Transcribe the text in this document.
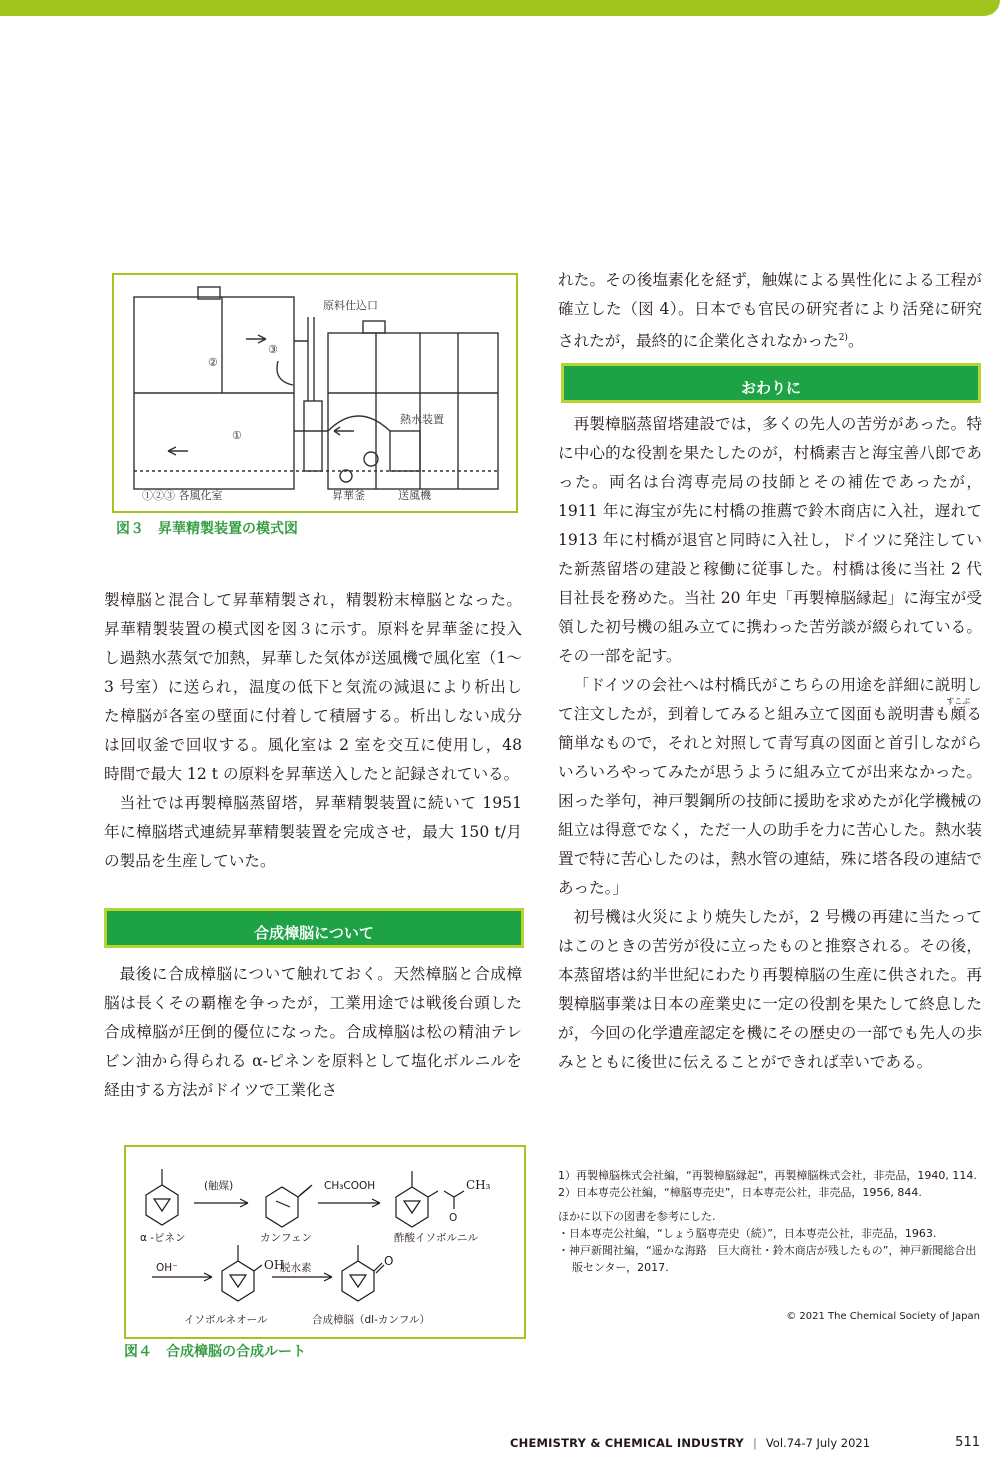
原料仕込口
②
③
①
①②③ 各風化室	昇華釜	送風機
熱水装置
図３　昇華精製装置の模式図

製樟脳と混合して昇華精製され，精製粉末樟脳となった。昇華精製装置の模式図を図３に示す。原料を昇華釜に投入し過熱水蒸気で加熱，昇華した気体が送風機で風化室（1〜3 号室）に送られ，温度の低下と気流の減退により析出した樟脳が各室の壁面に付着して積層する。析出しない成分は回収釜で回収する。風化室は 2 室を交互に使用し，48 時間で最大 12 t の原料を昇華送入したと記録されている。

当社では再製樟脳蒸留塔，昇華精製装置に続いて 1951 年に樟脳塔式連続昇華精製装置を完成させ，最大 150 t/月の製品を生産していた。

合成樟脳について

最後に合成樟脳について触れておく。天然樟脳と合成樟脳は長くその覇権を争ったが，工業用途では戦後台頭した合成樟脳が圧倒的優位になった。合成樟脳は松の精油テレビン油から得られる α-ピネンを原料として塩化ボルニルを経由する方法がドイツで工業化さ

(触媒)	CH₃COOH	CH₃
O
α -ピネン	カンフェン	酢酸イソボルニル
OH⁻	OH
脱水素	O
イソボルネオール	合成樟脳（dl-カンフル）
図４　合成樟脳の合成ルート

れた。その後塩素化を経ず，触媒による異性化による工程が確立した（図 4）。日本でも官民の研究者により活発に研究されたが，最終的に企業化されなかった$^{2)}$。

おわりに

再製樟脳蒸留塔建設では，多くの先人の苦労があった。特に中心的な役割を果たしたのが，村橋素吉と海宝善八郎であった。両名は台湾専売局の技師とその補佐であったが，1911 年に海宝が先に村橋の推薦で鈴木商店に入社，遅れて 1913 年に村橋が退官と同時に入社し，ドイツに発注していた新蒸留塔の建設と稼働に従事した。村橋は後に当社 2 代目社長を務めた。当社 20 年史「再製樟脳縁起」に海宝が受領した初号機の組み立てに携わった苦労談が綴られている。その一部を記す。

「ドイツの会社へは村橋氏がこちらの用途を詳細に説明して注文したが，到着してみると組み立て図面も説明書も頗すこぶる簡単なもので，それと対照して青写真の図面と首引しながらいろいろやってみたが思うように組み立てが出来なかった。困った挙句，神戸製鋼所の技師に援助を求めたが化学機械の組立は得意でなく，ただ一人の助手を力に苦心した。熱水装置で特に苦心したのは，熱水管の連結，殊に塔各段の連結であった。」

初号機は火災により焼失したが，2 号機の再建に当たってはこのときの苦労が役に立ったものと推察される。その後，本蒸留塔は約半世紀にわたり再製樟脳の生産に供された。再製樟脳事業は日本の産業史に一定の役割を果たして終息したが，今回の化学遺産認定を機にその歴史の一部でも先人の歩みとともに後世に伝えることができれば幸いである。

1）再製樟脳株式会社編，“再製樟脳縁起”，再製樟脳株式会社，非売品，1940, 114.

2）日本専売公社編，“樟脳専売史”，日本専売公社，非売品，1956, 844.

ほかに以下の図書を参考にした.

・日本専売公社編，“しょう脳専売史（続）”，日本専売公社，非売品，1963.

・神戸新聞社編，“遥かな海路　巨大商社・鈴木商店が残したもの”，神戸新聞総合出版センター，2017.

© 2021 The Chemical Society of Japan
CHEMISTRY & CHEMICAL INDUSTRY | Vol.74-7 July 2021	511
